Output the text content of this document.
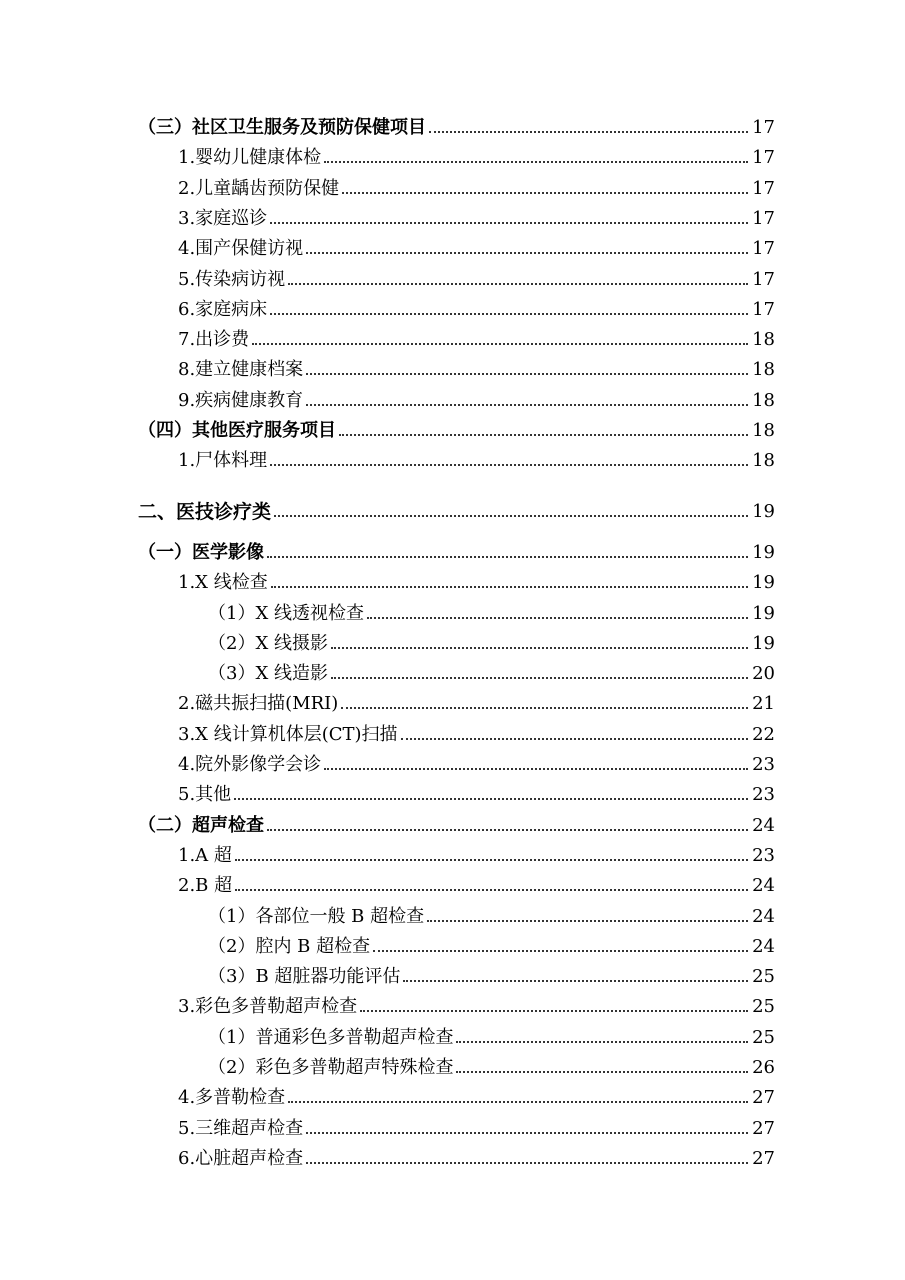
（三）社区卫生服务及预防保健项目	17
1.婴幼儿健康体检	17
2.儿童龋齿预防保健	17
3.家庭巡诊	17
4.围产保健访视	17
5.传染病访视	17
6.家庭病床	17
7.出诊费	18
8.建立健康档案	18
9.疾病健康教育	18
（四）其他医疗服务项目	18
1.尸体料理	18
二、医技诊疗类	19
（一）医学影像	19
1.X 线检查	19
（1）X 线透视检查	19
（2）X 线摄影	19
（3）X 线造影	20
2.磁共振扫描(MRI)	21
3.X 线计算机体层(CT)扫描	22
4.院外影像学会诊	23
5.其他	23
（二）超声检查	24
1.A 超	23
2.B 超	24
（1）各部位一般 B 超检查	24
（2）腔内 B 超检查	24
（3）B 超脏器功能评估	25
3.彩色多普勒超声检查	25
（1）普通彩色多普勒超声检查	25
（2）彩色多普勒超声特殊检查	26
4.多普勒检查	27
5.三维超声检查	27
6.心脏超声检查	27
